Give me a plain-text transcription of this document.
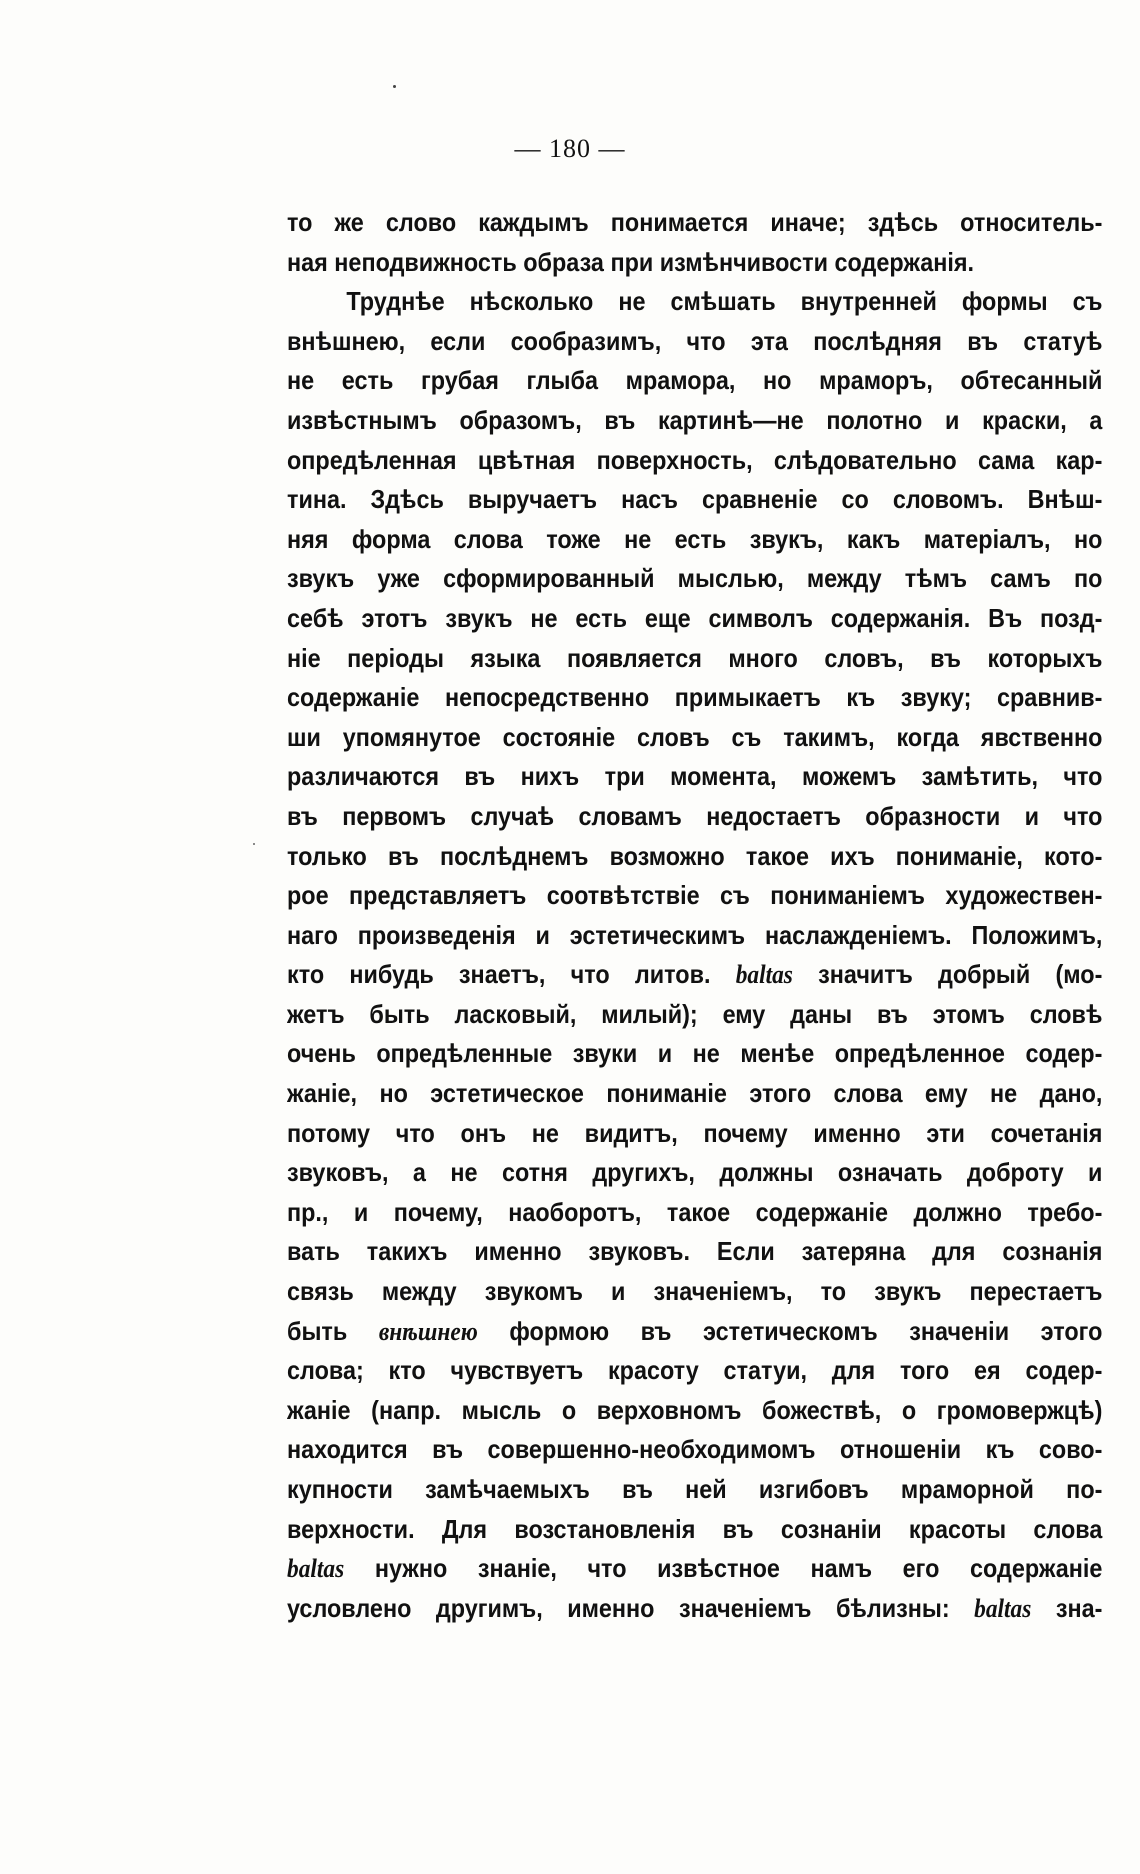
— 180 —
то же слово каждымъ понимается иначе; здѣсь относитель-
ная неподвижность образа при измѣнчивости содержанія.
Труднѣе нѣсколько не смѣшать внутренней формы съ
внѣшнею, если сообразимъ, что эта послѣдняя въ статуѣ
не есть грубая глыба мрамора, но мраморъ, обтесанный
извѣстнымъ образомъ, въ картинѣ—не полотно и краски, а
опредѣленная цвѣтная поверхность, слѣдовательно сама кар-
тина. Здѣсь выручаетъ насъ сравненіе со словомъ. Внѣш-
няя форма слова тоже не есть звукъ, какъ матеріалъ, но
звукъ уже сформированный мыслью, между тѣмъ самъ по
себѣ этотъ звукъ не есть еще символъ содержанія. Въ позд-
ніе періоды языка появляется много словъ, въ которыхъ
содержаніе непосредственно примыкаетъ къ звуку; сравнив-
ши упомянутое состояніе словъ съ такимъ, когда явственно
различаются въ нихъ три момента, можемъ замѣтить, что
въ первомъ случаѣ словамъ недостаетъ образности и что
только въ послѣднемъ возможно такое ихъ пониманіе, кото-
рое представляетъ соотвѣтствіе съ пониманіемъ художествен-
наго произведенія и эстетическимъ наслажденіемъ. Положимъ,
кто нибудь знаетъ, что литов. baltas значитъ добрый (мо-
жетъ быть ласковый, милый); ему даны въ этомъ словѣ
очень опредѣленные звуки и не менѣе опредѣленное содер-
жаніе, но эстетическое пониманіе этого слова ему не дано,
потому что онъ не видитъ, почему именно эти сочетанія
звуковъ, а не сотня другихъ, должны означать доброту и
пр., и почему, наоборотъ, такое содержаніе должно требо-
вать такихъ именно звуковъ. Если затеряна для сознанія
связь между звукомъ и значеніемъ, то звукъ перестаетъ
быть внѣшнею формою въ эстетическомъ значеніи этого
слова; кто чувствуетъ красоту статуи, для того ея содер-
жаніе (напр. мысль о верховномъ божествѣ, о громовержцѣ)
находится въ совершенно-необходимомъ отношеніи къ сово-
купности замѣчаемыхъ въ ней изгибовъ мраморной по-
верхности. Для возстановленія въ сознаніи красоты слова
baltas нужно знаніе, что извѣстное намъ его содержаніе
условлено другимъ, именно значеніемъ бѣлизны: baltas зна-
